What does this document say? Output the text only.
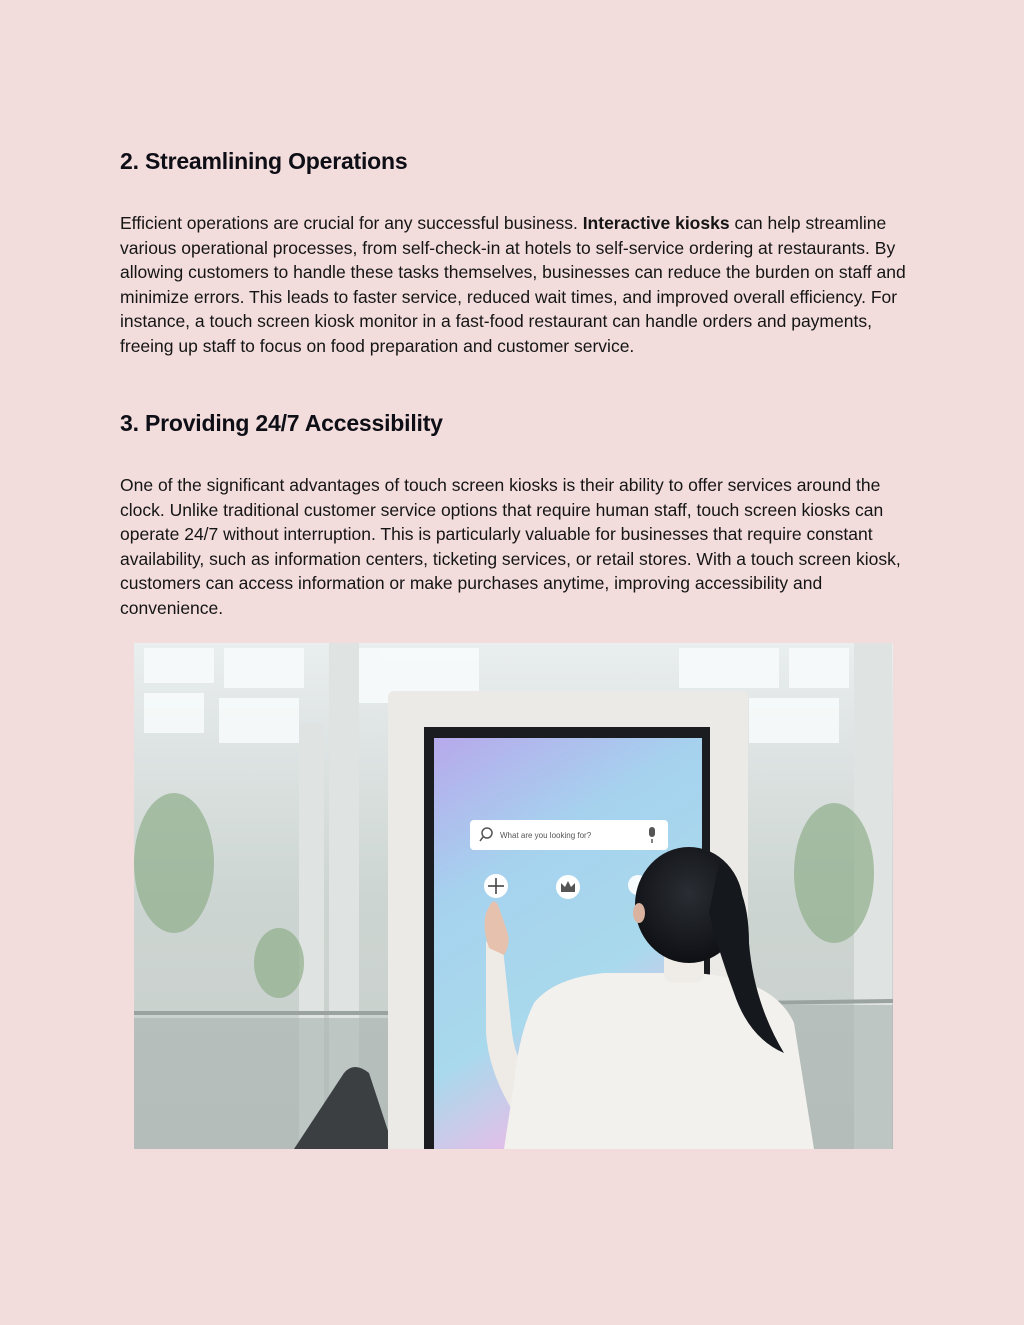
2. Streamlining Operations

Efficient operations are crucial for any successful business. Interactive kiosks can help streamline various operational processes, from self-check-in at hotels to self-service ordering at restaurants. By allowing customers to handle these tasks themselves, businesses can reduce the burden on staff and minimize errors. This leads to faster service, reduced wait times, and improved overall efficiency. For instance, a touch screen kiosk monitor in a fast-food restaurant can handle orders and payments, freeing up staff to focus on food preparation and customer service.

3. Providing 24/7 Accessibility

One of the significant advantages of touch screen kiosks is their ability to offer services around the clock. Unlike traditional customer service options that require human staff, touch screen kiosks can operate 24/7 without interruption. This is particularly valuable for businesses that require constant availability, such as information centers, ticketing services, or retail stores. With a touch screen kiosk, customers can access information or make purchases anytime, improving accessibility and convenience.

What are you looking for?
